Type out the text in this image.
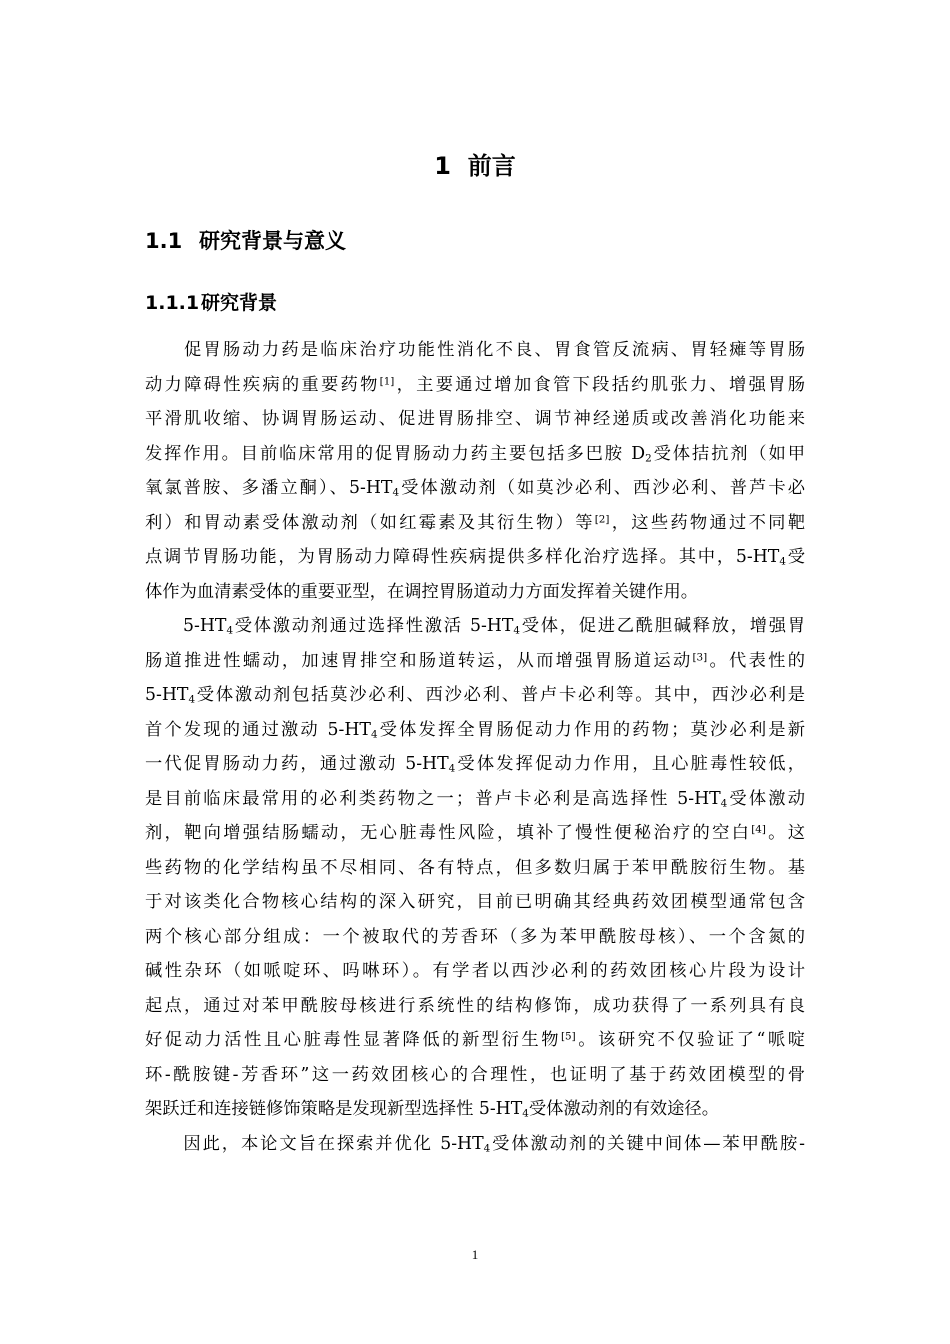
1 前言
1.1 研究背景与意义
1.1.1研究背景
　　促胃肠动力药是临床治疗功能性消化不良、胃食管反流病、胃轻瘫等胃肠
动力障碍性疾病的重要药物[1]，主要通过增加食管下段括约肌张力、增强胃肠
平滑肌收缩、协调胃肠运动、促进胃肠排空、调节神经递质或改善消化功能来
发挥作用。目前临床常用的促胃肠动力药主要包括多巴胺 $D_2$受体拮抗剂（如甲
氧氯普胺、多潘立酮）、$5-HT_4$受体激动剂（如莫沙必利、西沙必利、普芦卡必
利）和胃动素受体激动剂（如红霉素及其衍生物）等[2]，这些药物通过不同靶
点调节胃肠功能，为胃肠动力障碍性疾病提供多样化治疗选择。其中，$5-HT_4$受
体作为血清素受体的重要亚型，在调控胃肠道动力方面发挥着关键作用。
　　$5-HT_4$受体激动剂通过选择性激活 $5-HT_4$受体，促进乙酰胆碱释放，增强胃
肠道推进性蠕动，加速胃排空和肠道转运，从而增强胃肠道运动[3]。代表性的
$5-HT_4$受体激动剂包括莫沙必利、西沙必利、普卢卡必利等。其中，西沙必利是
首个发现的通过激动 $5-HT_4$受体发挥全胃肠促动力作用的药物；莫沙必利是新
一代促胃肠动力药，通过激动 $5-HT_4$受体发挥促动力作用，且心脏毒性较低，
是目前临床最常用的必利类药物之一；普卢卡必利是高选择性 $5-HT_4$受体激动
剂，靶向增强结肠蠕动，无心脏毒性风险，填补了慢性便秘治疗的空白[4]。这
些药物的化学结构虽不尽相同、各有特点，但多数归属于苯甲酰胺衍生物。基
于对该类化合物核心结构的深入研究，目前已明确其经典药效团模型通常包含
两个核心部分组成：一个被取代的芳香环（多为苯甲酰胺母核）、一个含氮的
碱性杂环（如哌啶环、吗啉环）。有学者以西沙必利的药效团核心片段为设计
起点，通过对苯甲酰胺母核进行系统性的结构修饰，成功获得了一系列具有良
好促动力活性且心脏毒性显著降低的新型衍生物[5]。该研究不仅验证了“哌啶
环-酰胺键-芳香环”这一药效团核心的合理性，也证明了基于药效团模型的骨
架跃迁和连接链修饰策略是发现新型选择性 $5-HT_4$受体激动剂的有效途径。
　　因此，本论文旨在探索并优化 $5-HT_4$受体激动剂的关键中间体—苯甲酰胺-
1
